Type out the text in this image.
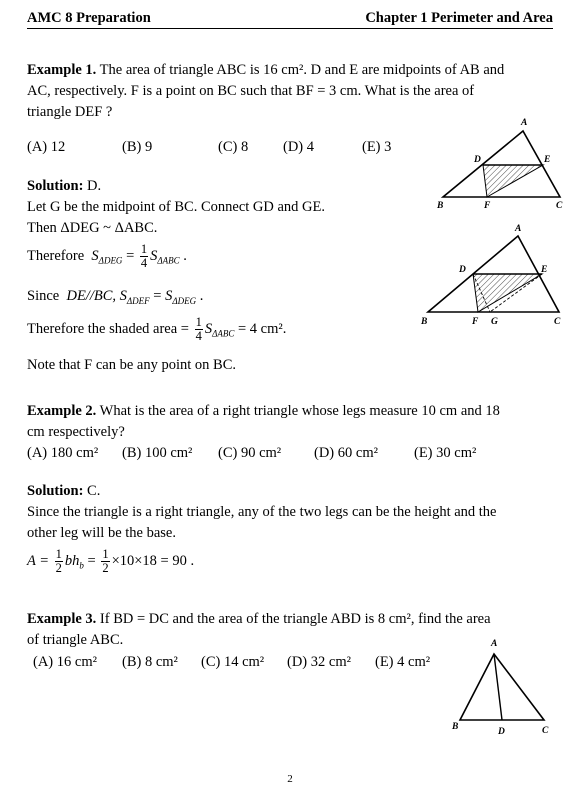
AMC 8 Preparation	Chapter 1 Perimeter and Area
Example 1. The area of triangle ABC is 16 cm². D and E are midpoints of AB and
AC, respectively. F is a point on BC such that BF = 3 cm. What is the area of
triangle DEF ?
(A) 12	(B) 9	(C) 8 (D) 4	(E) 3
Solution: D.
Let G be the midpoint of BC. Connect GD and GE.
Then ΔDEG ~ ΔABC.
Therefore $S_{\Delta DEG} = \frac{1}{4} S_{\Delta ABC}$ .
Since DE//BC, $S_{\Delta DEF} = S_{\Delta DEG}$ .
Therefore the shaded area = $\frac{1}{4} S_{\Delta ABC} = 4$ cm².
Note that F can be any point on BC.
A
B	C
D	E
F
A
B	C
D	E
F G
Example 2. What is the area of a right triangle whose legs measure 10 cm and 18
cm respectively?
(A) 180 cm² (B) 100 cm² (C) 90 cm² (D) 60 cm² (E) 30 cm²
Solution: C.
Since the triangle is a right triangle, any of the two legs can be the height and the
other leg will be the base.
$A = \frac{1}{2} bh_b = \frac{1}{2} \times 10\times 18 = 90$ .
Example 3. If BD = DC and the area of the triangle ABD is 8 cm², find the area
of triangle ABC.
(A) 16 cm² (B) 8 cm² (C) 14 cm² (D) 32 cm² (E) 4 cm²
A
B	C
D
2
